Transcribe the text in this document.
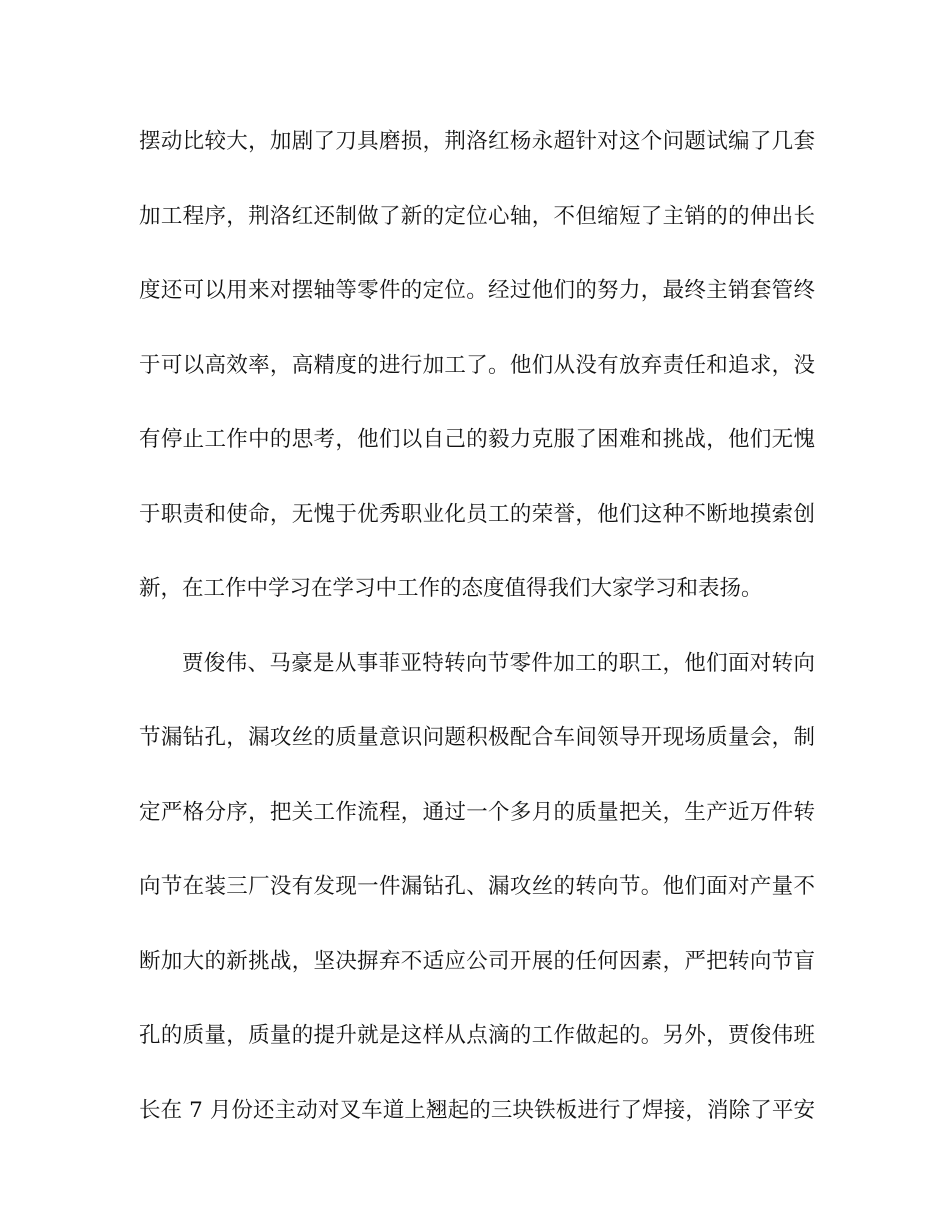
摆动比较大，加剧了刀具磨损，荆洛红杨永超针对这个问题试编了几套
加工程序，荆洛红还制做了新的定位心轴，不但缩短了主销的的伸出长
度还可以用来对摆轴等零件的定位。经过他们的努力，最终主销套管终
于可以高效率，高精度的进行加工了。他们从没有放弃责任和追求，没
有停止工作中的思考，他们以自己的毅力克服了困难和挑战，他们无愧
于职责和使命，无愧于优秀职业化员工的荣誉，他们这种不断地摸索创
新，在工作中学习在学习中工作的态度值得我们大家学习和表扬。
贾俊伟、马豪是从事菲亚特转向节零件加工的职工，他们面对转向
节漏钻孔，漏攻丝的质量意识问题积极配合车间领导开现场质量会，制
定严格分序，把关工作流程，通过一个多月的质量把关，生产近万件转
向节在装三厂没有发现一件漏钻孔、漏攻丝的转向节。他们面对产量不
断加大的新挑战，坚决摒弃不适应公司开展的任何因素，严把转向节盲
孔的质量，质量的提升就是这样从点滴的工作做起的。另外，贾俊伟班
长在 7 月份还主动对叉车道上翘起的三块铁板进行了焊接，消除了平安
